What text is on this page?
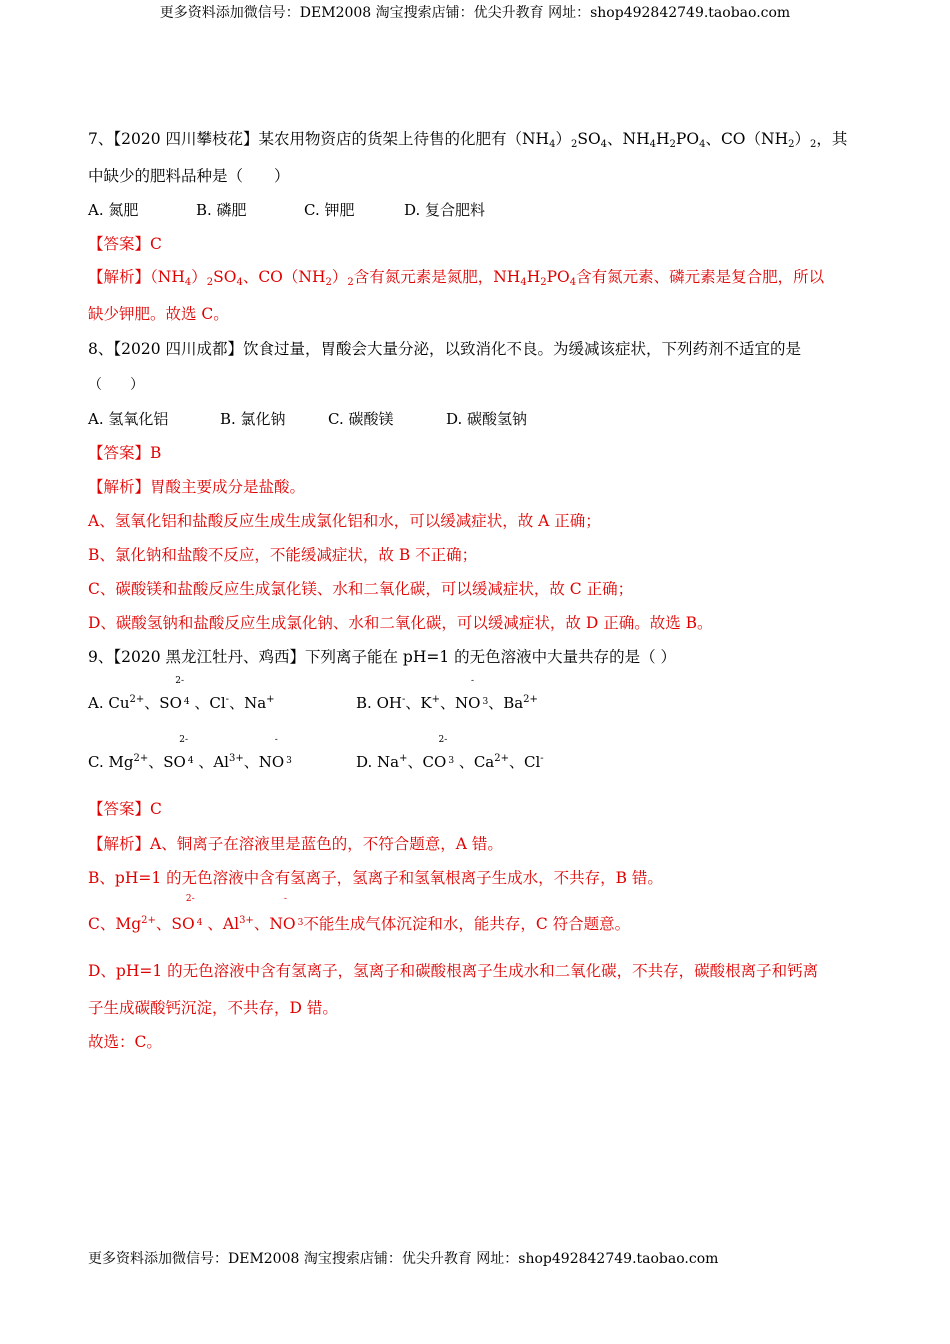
更多资料添加微信号：DEM2008 淘宝搜索店铺：优尖升教育 网址：shop492842749.taobao.com
7、【2020 四川攀枝花】某农用物资店的货架上待售的化肥有$(NH_4)_2SO_4$、$NH_4H_2PO_4$、$CO(NH_2)_2$，其
中缺少的肥料品种是（　　）
A. 氮肥	B. 磷肥	C. 钾肥	D. 复合肥料
【答案】C
【解析】$(NH_4)_2SO_4$、$CO(NH_2)_2$含有氮元素是氮肥，$NH_4H_2PO_4$含有氮元素、磷元素是复合肥，所以
缺少钾肥。故选 C。
8、【2020 四川成都】饮食过量，胃酸会大量分泌，以致消化不良。为缓减该症状，下列药剂不适宜的是
（　　）
A. 氢氧化铝	B. 氯化钠	C. 碳酸镁	D. 碳酸氢钠
【答案】B
【解析】胃酸主要成分是盐酸。
A、氢氧化铝和盐酸反应生成生成氯化铝和水，可以缓减症状，故 A 正确；
B、氯化钠和盐酸不反应，不能缓减症状，故 B 不正确；
C、碳酸镁和盐酸反应生成氯化镁、水和二氧化碳，可以缓减症状，故 C 正确；
D、碳酸氢钠和盐酸反应生成氯化钠、水和二氧化碳，可以缓减症状，故 D 正确。故选 B。
9、【2020 黑龙江牡丹、鸡西】下列离子能在 pH=1 的无色溶液中大量共存的是（ ）
A. $Cu^{2+}$、SO
2-
$^4$ 、Cl-、Na+	B. OH-、K+、NO
-
$^3$、$Ba^{2+}$
C. $Mg^{2+}$、SO
2-
$^4$ 、$Al^{3+}$、NO
-
$^3$	D. Na+、CO
2-
$^3$ 、$Ca^{2+}$、Cl-
【答案】C
【解析】A、铜离子在溶液里是蓝色的，不符合题意，A 错。
B、pH=1 的无色溶液中含有氢离子，氢离子和氢氧根离子生成水，不共存，B 错。
C、$Mg^{2+}$、SO
2-
$^4$ 、$Al^{3+}$、NO
-
$^3$不能生成气体沉淀和水，能共存，C 符合题意。
D、pH=1 的无色溶液中含有氢离子，氢离子和碳酸根离子生成水和二氧化碳，不共存，碳酸根离子和钙离
子生成碳酸钙沉淀，不共存，D 错。
故选：C。
更多资料添加微信号：DEM2008 淘宝搜索店铺：优尖升教育 网址：shop492842749.taobao.com
